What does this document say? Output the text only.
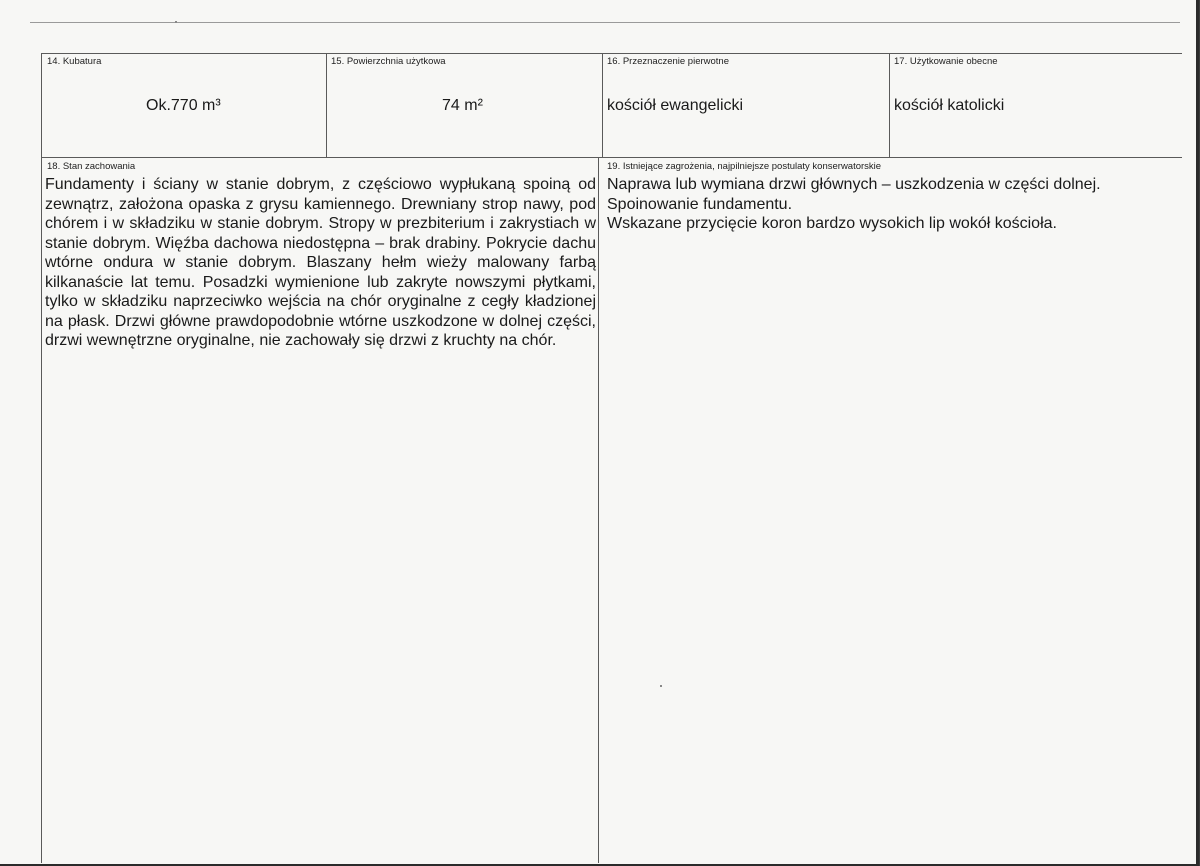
14. Kubatura
Ok.770 m³
15. Powierzchnia użytkowa
74 m²
16. Przeznaczenie pierwotne
kościół ewangelicki
17. Użytkowanie obecne
kościół katolicki
18. Stan zachowania

Fundamenty i ściany w stanie dobrym, z częściowo wypłukaną spoiną od zewnątrz, założona opaska z grysu kamiennego. Drewniany strop nawy, pod chórem i w składziku w stanie dobrym. Stropy w prezbiterium i zakrystiach w stanie dobrym. Więźba dachowa niedostępna – brak drabiny. Pokrycie dachu wtórne ondura w stanie dobrym. Blaszany hełm wieży malowany farbą kilkanaście lat temu. Posadzki wymienione lub zakryte nowszymi płytkami, tylko w składziku naprzeciwko wejścia na chór oryginalne z cegły kładzionej na płask. Drzwi główne prawdopodobnie wtórne uszkodzone w dolnej części, drzwi wewnętrzne oryginalne, nie zachowały się drzwi z kruchty na chór.

19. Istniejące zagrożenia, najpilniejsze postulaty konserwatorskie

Naprawa lub wymiana drzwi głównych – uszkodzenia w części dolnej.

Spoinowanie fundamentu.

Wskazane przycięcie koron bardzo wysokich lip wokół kościoła.
